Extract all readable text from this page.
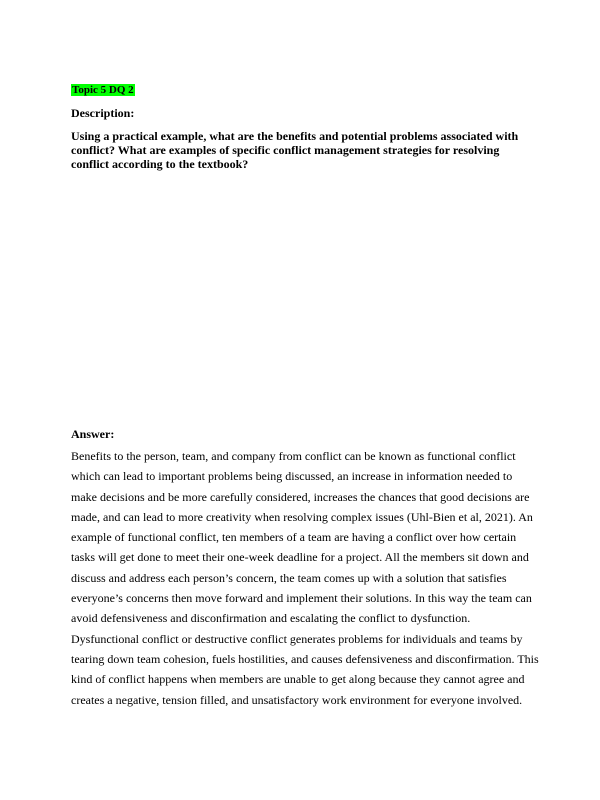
Topic 5 DQ 2
Description:
Using a practical example, what are the benefits and potential problems associated with conflict? What are examples of specific conflict management strategies for resolving conflict according to the textbook?
Answer:

Benefits to the person, team, and company from conflict can be known as functional conflict which can lead to important problems being discussed, an increase in information needed to make decisions and be more carefully considered, increases the chances that good decisions are made, and can lead to more creativity when resolving complex issues (Uhl-Bien et al, 2021). An example of functional conflict, ten members of a team are having a conflict over how certain tasks will get done to meet their one-week deadline for a project. All the members sit down and discuss and address each person’s concern, the team comes up with a solution that satisfies everyone’s concerns then move forward and implement their solutions. In this way the team can avoid defensiveness and disconfirmation and escalating the conflict to dysfunction. Dysfunctional conflict or destructive conflict generates problems for individuals and teams by tearing down team cohesion, fuels hostilities, and causes defensiveness and disconfirmation. This kind of conflict happens when members are unable to get along because they cannot agree and creates a negative, tension filled, and unsatisfactory work environment for everyone involved.
